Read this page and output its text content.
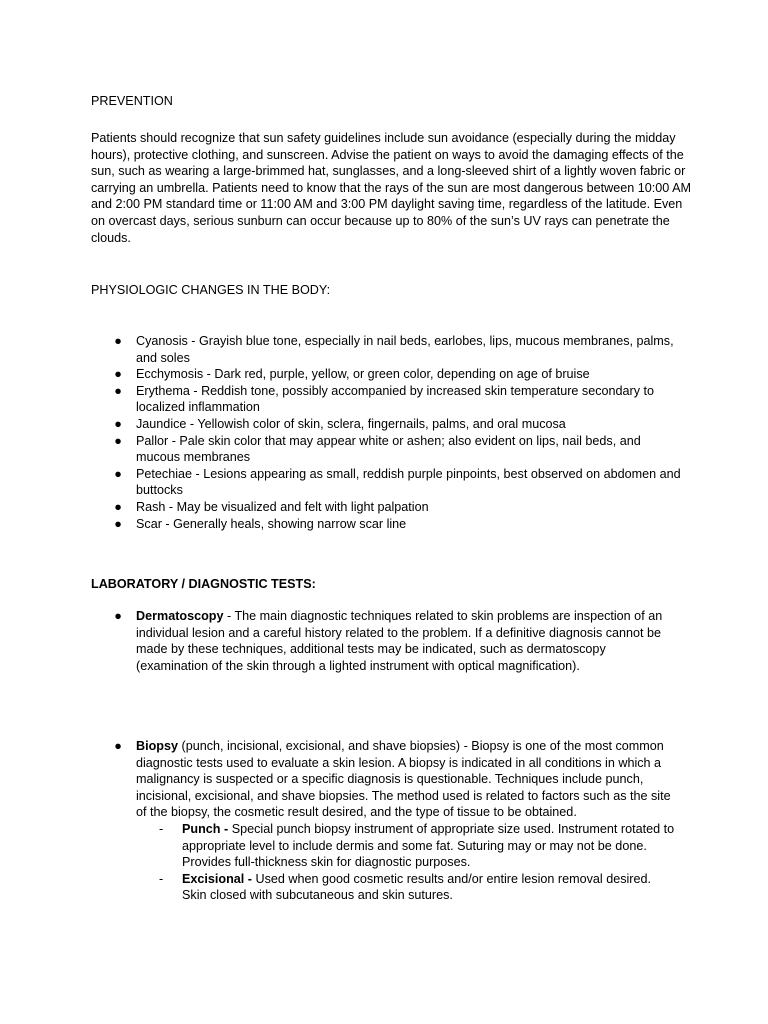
PREVENTION
Patients should recognize that sun safety guidelines include sun avoidance (especially during the midday hours), protective clothing, and sunscreen. Advise the patient on ways to avoid the damaging effects of the sun, such as wearing a large-brimmed hat, sunglasses, and a long-sleeved shirt of a lightly woven fabric or carrying an umbrella. Patients need to know that the rays of the sun are most dangerous between 10:00 AM and 2:00 PM standard time or 11:00 AM and 3:00 PM daylight saving time, regardless of the latitude. Even on overcast days, serious sunburn can occur because up to 80% of the sun’s UV rays can penetrate the clouds.
PHYSIOLOGIC CHANGES IN THE BODY:
● Cyanosis - Grayish blue tone, especially in nail beds, earlobes, lips, mucous membranes, palms, and soles
● Ecchymosis - Dark red, purple, yellow, or green color, depending on age of bruise
● Erythema - Reddish tone, possibly accompanied by increased skin temperature secondary to localized inflammation
● Jaundice - Yellowish color of skin, sclera, fingernails, palms, and oral mucosa
● Pallor - Pale skin color that may appear white or ashen; also evident on lips, nail beds, and mucous membranes
● Petechiae - Lesions appearing as small, reddish purple pinpoints, best observed on abdomen and buttocks
● Rash - May be visualized and felt with light palpation
● Scar - Generally heals, showing narrow scar line
LABORATORY / DIAGNOSTIC TESTS:
● Dermatoscopy - The main diagnostic techniques related to skin problems are inspection of an individual lesion and a careful history related to the problem. If a definitive diagnosis cannot be made by these techniques, additional tests may be indicated, such as dermatoscopy (examination of the skin through a lighted instrument with optical magnification).
● Biopsy (punch, incisional, excisional, and shave biopsies) - Biopsy is one of the most common diagnostic tests used to evaluate a skin lesion. A biopsy is indicated in all conditions in which a malignancy is suspected or a specific diagnosis is questionable. Techniques include punch, incisional, excisional, and shave biopsies. The method used is related to factors such as the site of the biopsy, the cosmetic result desired, and the type of tissue to be obtained.
- Punch - Special punch biopsy instrument of appropriate size used. Instrument rotated to appropriate level to include dermis and some fat. Suturing may or may not be done. Provides full-thickness skin for diagnostic purposes.
- Excisional - Used when good cosmetic results and/or entire lesion removal desired. Skin closed with subcutaneous and skin sutures.
